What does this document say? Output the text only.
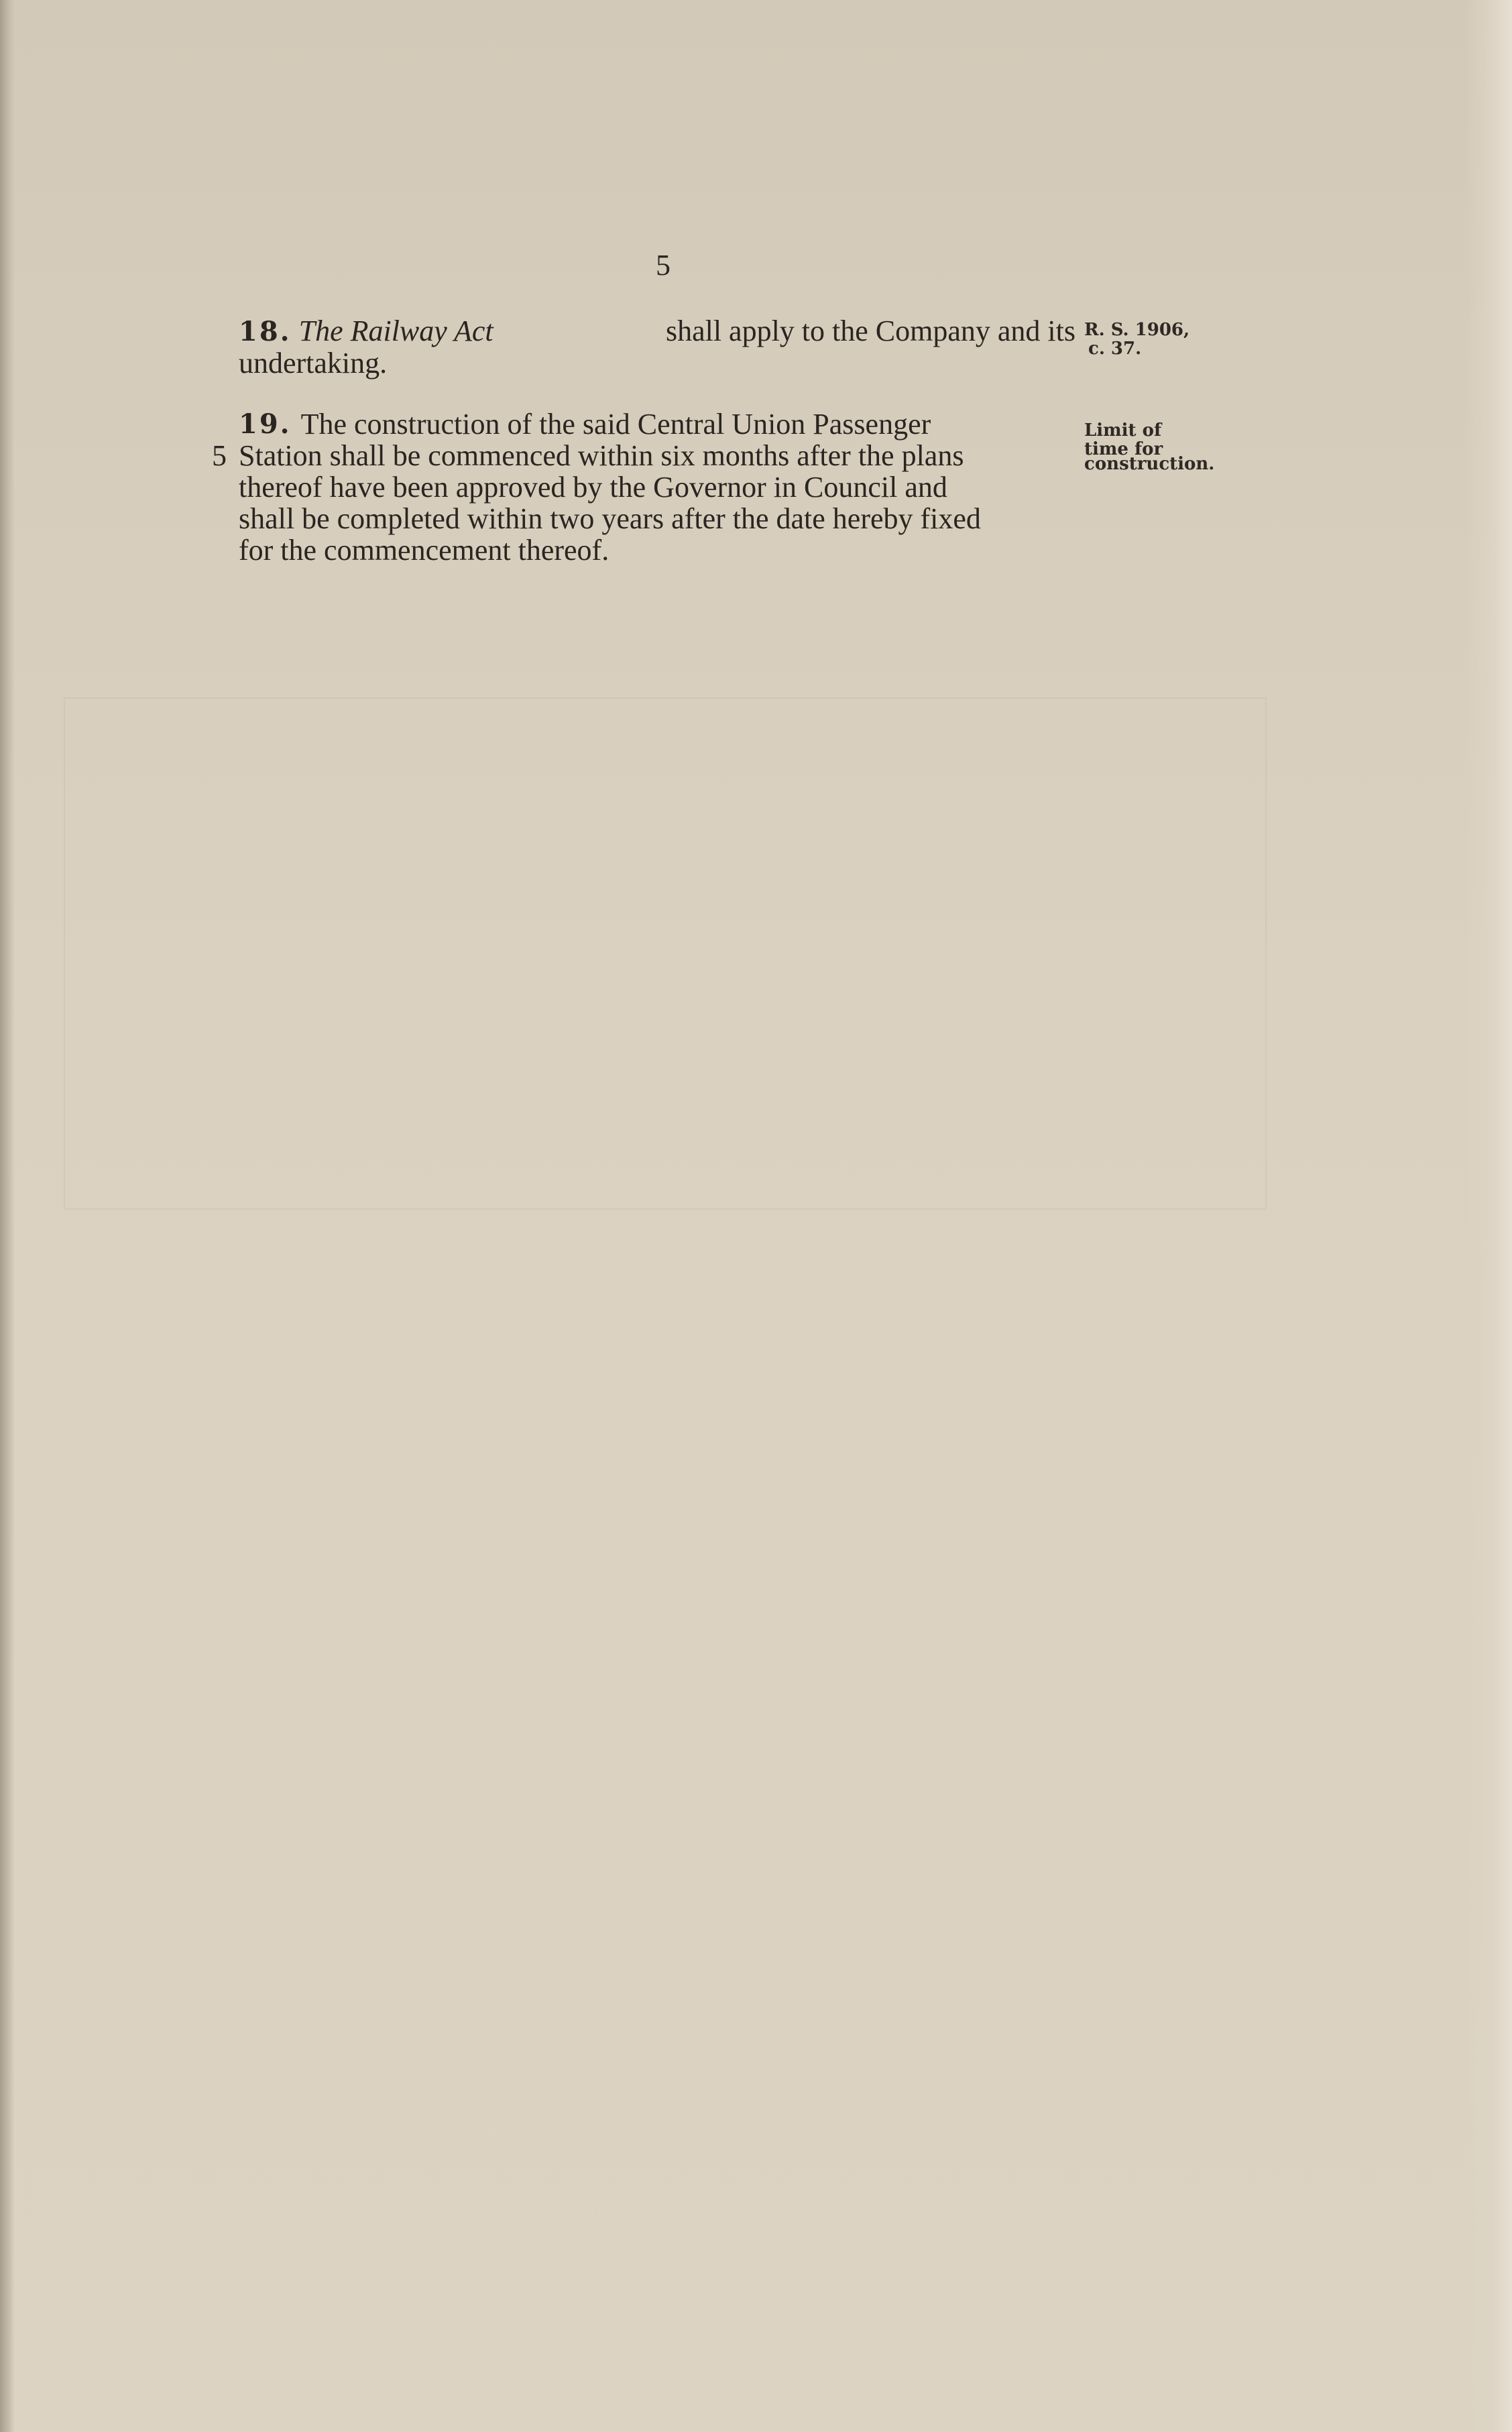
5
18. The Railway Act	shall apply to the Company and its
undertaking.
R. S. 1906,
c. 37.
19. The construction of the said Central Union Passenger
Station shall be commenced within six months after the plans
thereof have been approved by the Governor in Council and
shall be completed within two years after the date hereby fixed
for the commencement thereof.
5
Limit of
time for
construction.
